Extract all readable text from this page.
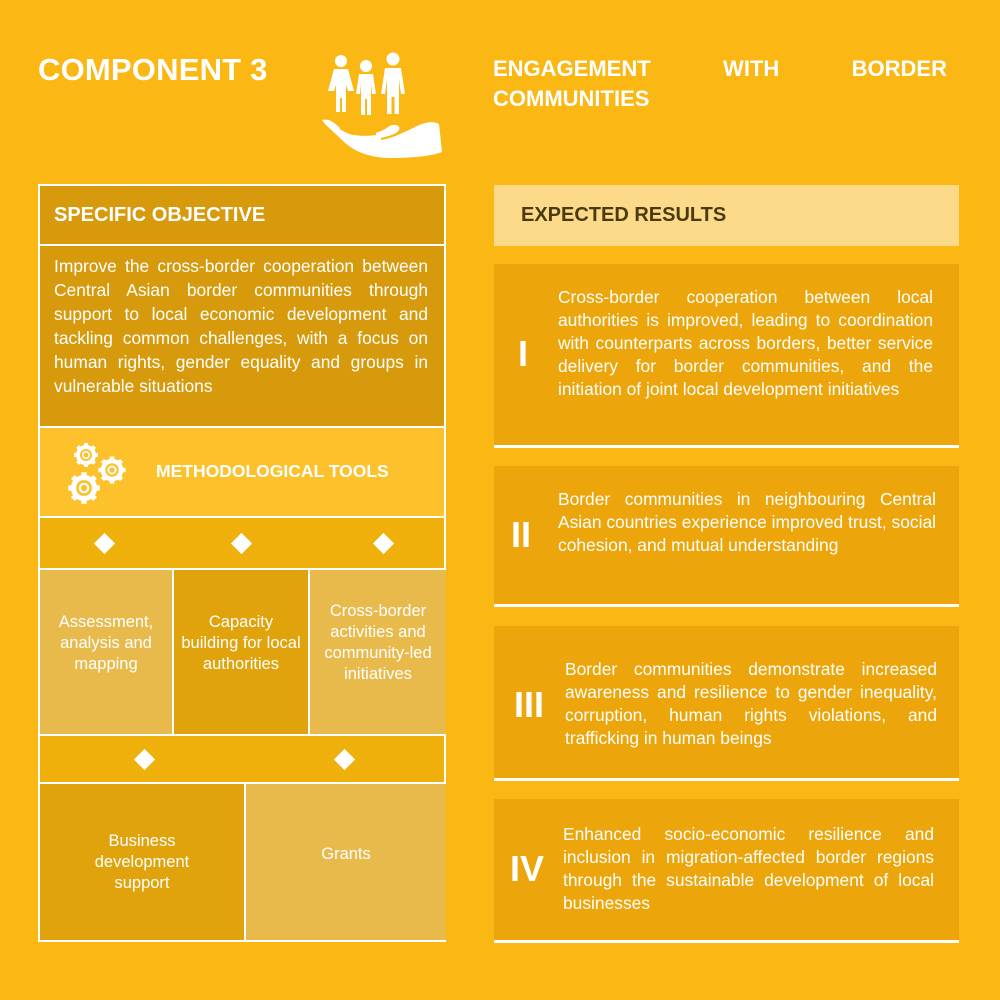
COMPONENT 3	ENGAGEMENT WITH BORDER COMMUNITIES
SPECIFIC OBJECTIVE
Improve the cross-border cooperation between Central Asian border communities through support to local economic development and tackling common challenges, with a focus on human rights, gender equality and groups in vulnerable situations
METHODOLOGICAL TOOLS
Assessment, analysis and mapping
Capacity building for local authorities
Cross-border activities and community-led initiatives
Business development support
Grants
EXPECTED RESULTS
I
Cross-border cooperation between local authorities is improved, leading to coordination with counterparts across borders, better service delivery for border communities, and the initiation of joint local development initiatives
II
Border communities in neighbouring Central Asian countries experience improved trust, social cohesion, and mutual understanding
III
Border communities demonstrate increased awareness and resilience to gender inequality, corruption, human rights violations, and trafficking in human beings
IV
Enhanced socio-economic resilience and inclusion in migration-affected border regions through the sustainable development of local businesses
